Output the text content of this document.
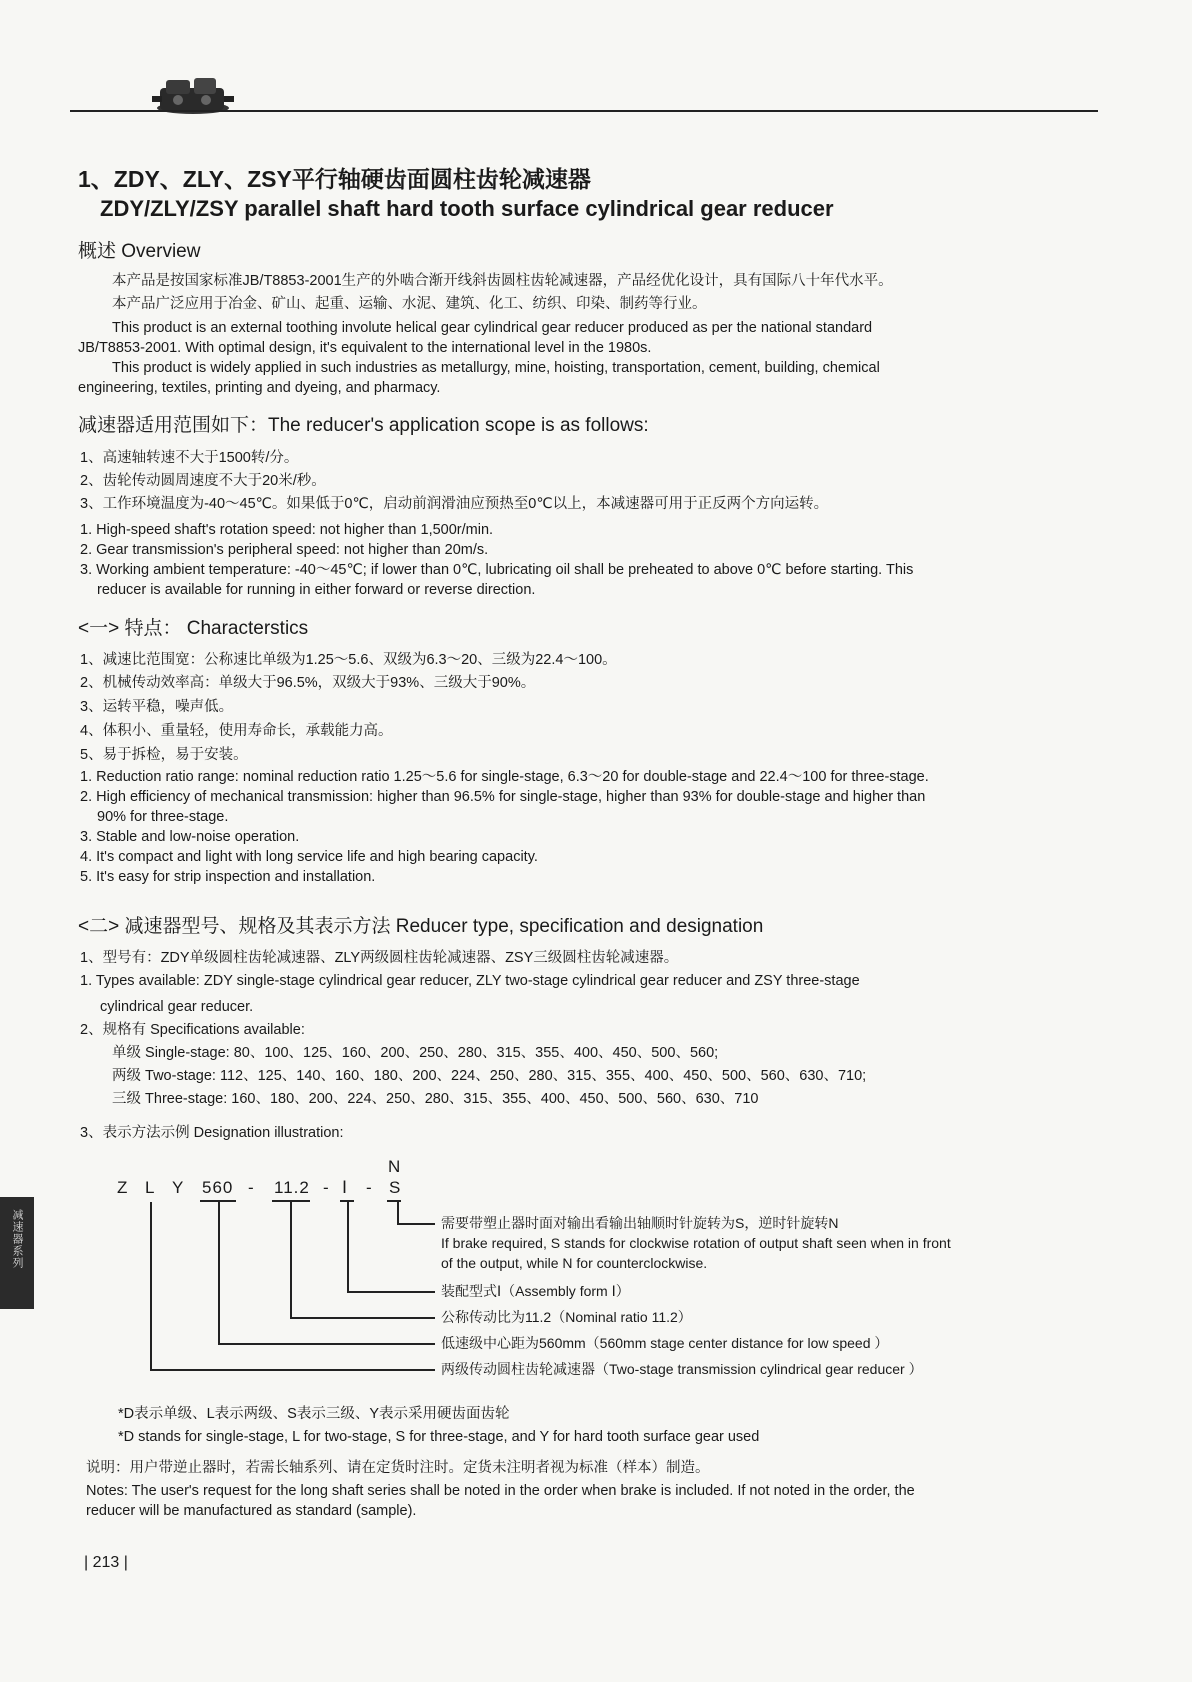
减速器系列
1、ZDY、ZLY、ZSY平行轴硬齿面圆柱齿轮减速器
ZDY/ZLY/ZSY parallel shaft hard tooth surface cylindrical gear reducer
概述 Overview
本产品是按国家标准JB/T8853-2001生产的外啮合渐开线斜齿圆柱齿轮减速器，产品经优化设计，具有国际八十年代水平。
本产品广泛应用于冶金、矿山、起重、运输、水泥、建筑、化工、纺织、印染、制药等行业。
This product is an external toothing involute helical gear cylindrical gear reducer produced as per the national standard
JB/T8853-2001. With optimal design, it's equivalent to the international level in the 1980s.
This product is widely applied in such industries as metallurgy, mine, hoisting, transportation, cement, building, chemical
engineering, textiles, printing and dyeing, and pharmacy.
减速器适用范围如下：The reducer's application scope is as follows:
1、高速轴转速不大于1500转/分。
2、齿轮传动圆周速度不大于20米/秒。
3、工作环境温度为-40～45℃。如果低于0℃，启动前润滑油应预热至0℃以上，本减速器可用于正反两个方向运转。
1. High-speed shaft's rotation speed: not higher than 1,500r/min.
2. Gear transmission's peripheral speed: not higher than 20m/s.
3. Working ambient temperature: -40～45℃; if lower than 0℃, lubricating oil shall be preheated to above 0℃ before starting. This
reducer is available for running in either forward or reverse direction.
<一> 特点： Characterstics
1、减速比范围宽：公称速比单级为1.25～5.6、双级为6.3～20、三级为22.4～100。
2、机械传动效率高：单级大于96.5%，双级大于93%、三级大于90%。
3、运转平稳，噪声低。
4、体积小、重量轻，使用寿命长，承载能力高。
5、易于拆检，易于安装。
1. Reduction ratio range: nominal reduction ratio 1.25～5.6 for single-stage, 6.3～20 for double-stage and 22.4～100 for three-stage.
2. High efficiency of mechanical transmission: higher than 96.5% for single-stage, higher than 93% for double-stage and higher than
90% for three-stage.
3. Stable and low-noise operation.
4. It's compact and light with long service life and high bearing capacity.
5. It's easy for strip inspection and installation.
<二> 减速器型号、规格及其表示方法 Reducer type, specification and designation
1、型号有：ZDY单级圆柱齿轮减速器、ZLY两级圆柱齿轮减速器、ZSY三级圆柱齿轮减速器。
1. Types available: ZDY single-stage cylindrical gear reducer, ZLY two-stage cylindrical gear reducer and ZSY three-stage
cylindrical gear reducer.
2、规格有 Specifications available:
单级 Single-stage: 80、100、125、160、200、250、280、315、355、400、450、500、560;
两级 Two-stage: 112、125、140、160、180、200、224、250、280、315、355、400、450、500、560、630、710;
三级 Three-stage: 160、180、200、224、250、280、315、355、400、450、500、560、630、710
3、表示方法示例 Designation illustration:
N
Z L Y 560 - 11.2 - Ⅰ - S
需要带塑止器时面对输出看输出轴顺时针旋转为S，逆时针旋转N
If brake required, S stands for clockwise rotation of output shaft seen when in front
of the output, while N for counterclockwise.
装配型式Ⅰ（Assembly form Ⅰ）
公称传动比为11.2（Nominal ratio 11.2）
低速级中心距为560mm（560mm stage center distance for low speed ）
两级传动圆柱齿轮减速器（Two-stage transmission cylindrical gear reducer ）
*D表示单级、L表示两级、S表示三级、Y表示采用硬齿面齿轮
*D stands for single-stage, L for two-stage, S for three-stage, and Y for hard tooth surface gear used
说明：用户带逆止器时，若需长轴系列、请在定货时注时。定货未注明者视为标准（样本）制造。
Notes: The user's request for the long shaft series shall be noted in the order when brake is included. If not noted in the order, the
reducer will be manufactured as standard (sample).
| 213 |
